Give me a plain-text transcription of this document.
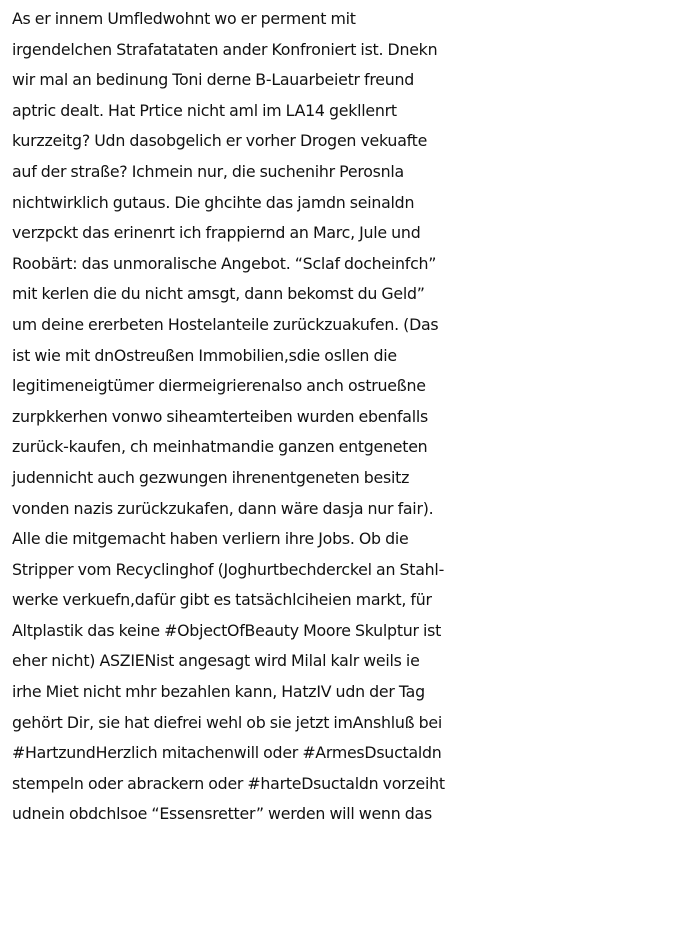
As er innem Umfledwohnt wo er perment mit
irgendelchen Strafatataten ander Konfroniert ist. Dnekn
wir mal an bedinung Toni derne B-Lauarbeietr freund
aptric dealt. Hat Prtice nicht aml im LA14 gekllenrt
kurzzeitg? Udn dasobgelich er vorher Drogen vekuafte
auf der straße? Ichmein nur, die suchenihr Perosnla
nichtwirklich gutaus. Die ghcihte das jamdn seinaldn
verzpckt das erinenrt ich frappiernd an Marc, Jule und
Roobärt: das unmoralische Angebot. “Sclaf docheinfch”
mit kerlen die du nicht amsgt, dann bekomst du Geld”
um deine ererbeten Hostelanteile zurückzuakufen. (Das
ist wie mit dnOstreußen Immobilien,sdie osllen die
legitimeneigtümer diermeigrierenalso anch ostrueßne
zurpkkerhen vonwo siheamterteiben wurden ebenfalls
zurück-kaufen, ch meinhatmandie ganzen entgeneten
judennicht auch gezwungen ihrenentgeneten besitz
vonden nazis zurückzukafen, dann wäre dasja nur fair).
Alle die mitgemacht haben verliern ihre Jobs. Ob die
Stripper vom Recyclinghof (Joghurtbechderckel an Stahl-
werke verkuefn,dafür gibt es tatsächlciheien markt, für
Altplastik das keine #ObjectOfBeauty Moore Skulptur ist
eher nicht) ASZIENist angesagt wird Milal kalr weils ie
irhe Miet nicht mhr bezahlen kann, HatzIV udn der Tag
gehört Dir, sie hat diefrei wehl ob sie jetzt imAnshluß bei
#HartzundHerzlich mitachenwill oder #ArmesDsuctaldn
stempeln oder abrackern oder #harteDsuctaldn vorzeiht
udnein obdchlsoe “Essensretter” werden will wenn das
